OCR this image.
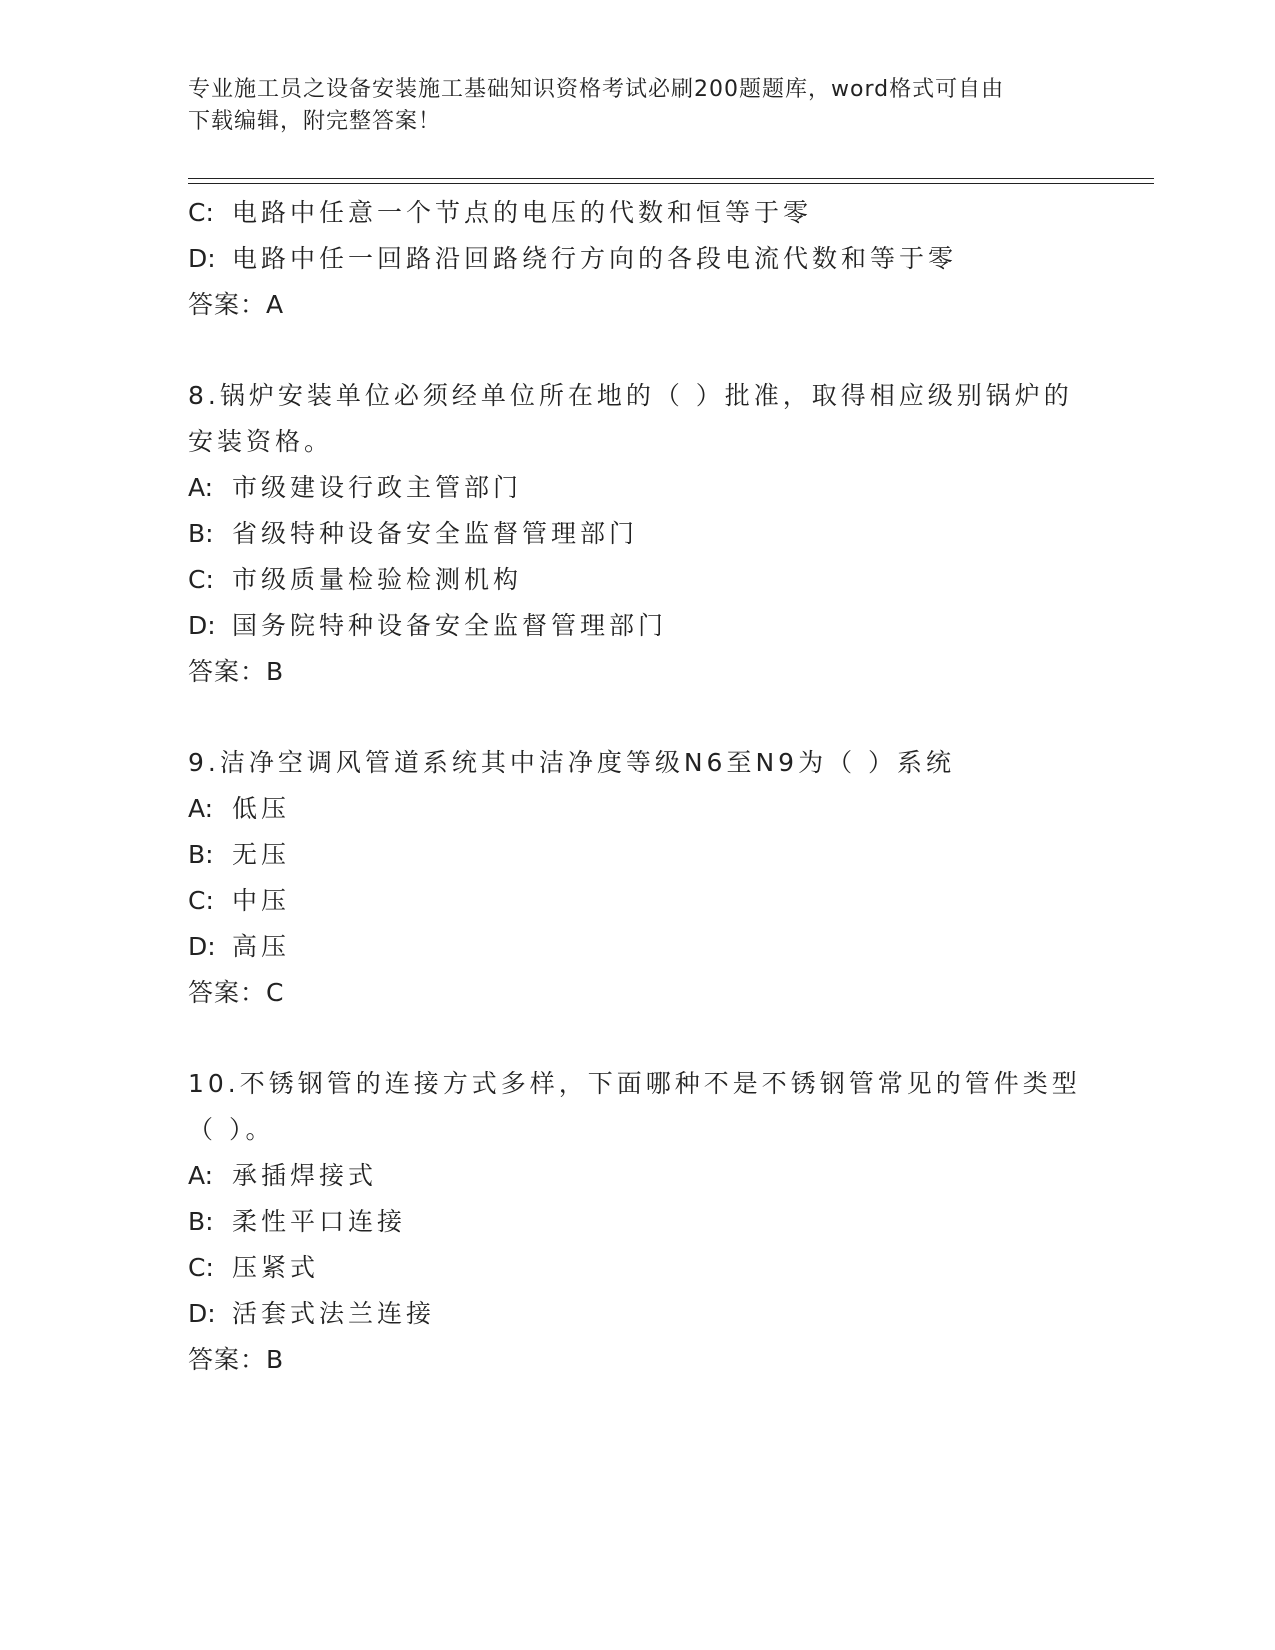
专业施工员之设备安装施工基础知识资格考试必刷200题题库，word格式可自由
下载编辑，附完整答案！
C: 电路中任意一个节点的电压的代数和恒等于零
D: 电路中任一回路沿回路绕行方向的各段电流代数和等于零
答案：A
8.锅炉安装单位必须经单位所在地的（ ）批准，取得相应级别锅炉的
安装资格。
A: 市级建设行政主管部门
B: 省级特种设备安全监督管理部门
C: 市级质量检验检测机构
D: 国务院特种设备安全监督管理部门
答案：B
9.洁净空调风管道系统其中洁净度等级N6至N9为（ ）系统
A: 低压
B: 无压
C: 中压
D: 高压
答案：C
10.不锈钢管的连接方式多样，下面哪种不是不锈钢管常见的管件类型
（ ）。
A: 承插焊接式
B: 柔性平口连接
C: 压紧式
D: 活套式法兰连接
答案：B
